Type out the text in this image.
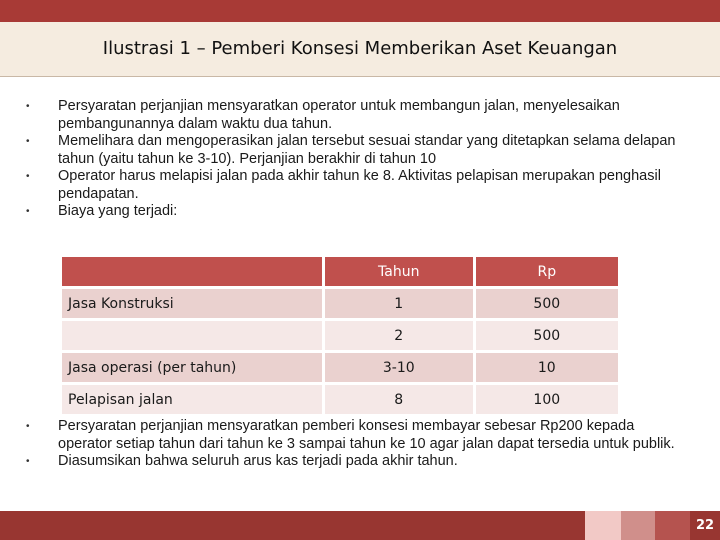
Ilustrasi 1 – Pemberi Konsesi Memberikan Aset Keuangan
•	Persyaratan perjanjian mensyaratkan operator untuk membangun jalan, menyelesaikan pembangunannya dalam waktu dua tahun.
•	Memelihara dan mengoperasikan jalan tersebut sesuai standar yang ditetapkan selama delapan tahun (yaitu tahun ke 3-10). Perjanjian berakhir di tahun 10
•	Operator harus melapisi jalan pada akhir tahun ke 8. Aktivitas pelapisan merupakan penghasil pendapatan.
•	Biaya yang terjadi:
	Tahun	Rp
Jasa Konstruksi	1	500
	2	500
Jasa operasi (per tahun)	3-10	10
Pelapisan jalan	8	100
•	Persyaratan perjanjian mensyaratkan pemberi konsesi membayar sebesar Rp200 kepada operator setiap tahun dari tahun ke 3 sampai tahun ke 10 agar jalan dapat tersedia untuk publik.
•	Diasumsikan bahwa seluruh arus kas terjadi pada akhir tahun.
22
